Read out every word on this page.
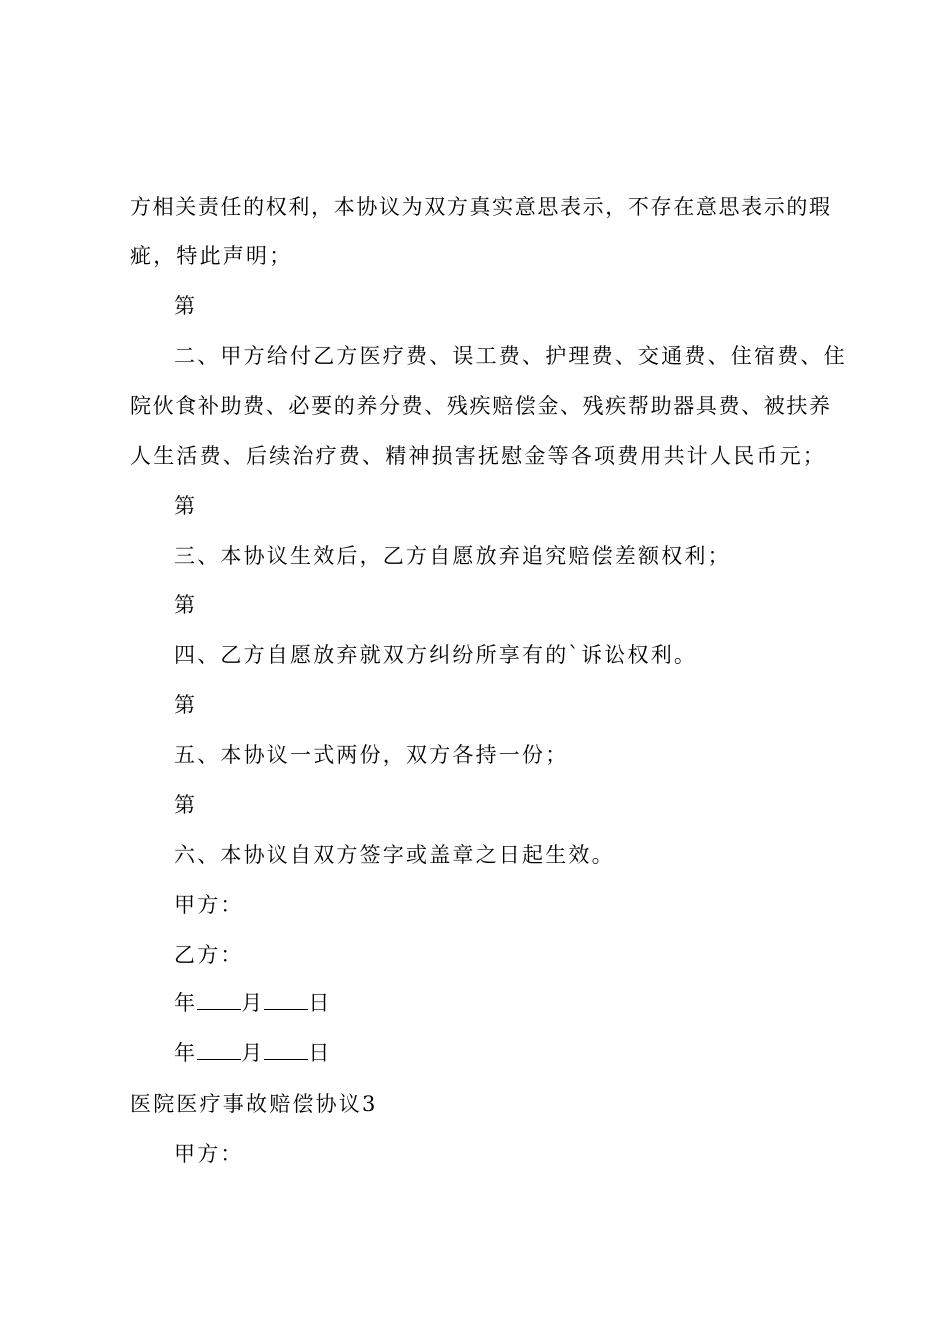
方相关责任的权利，本协议为双方真实意思表示，不存在意思表示的瑕
疵，特此声明；
第
二、甲方给付乙方医疗费、误工费、护理费、交通费、住宿费、住
院伙食补助费、必要的养分费、残疾赔偿金、残疾帮助器具费、被扶养
人生活费、后续治疗费、精神损害抚慰金等各项费用共计人民币元；
第
三、本协议生效后，乙方自愿放弃追究赔偿差额权利；
第
四、乙方自愿放弃就双方纠纷所享有的`诉讼权利。
第
五、本协议一式两份，双方各持一份；
第
六、本协议自双方签字或盖章之日起生效。
甲方：
乙方：
年 月 日
年 月 日
医院医疗事故赔偿协议3
甲方：
